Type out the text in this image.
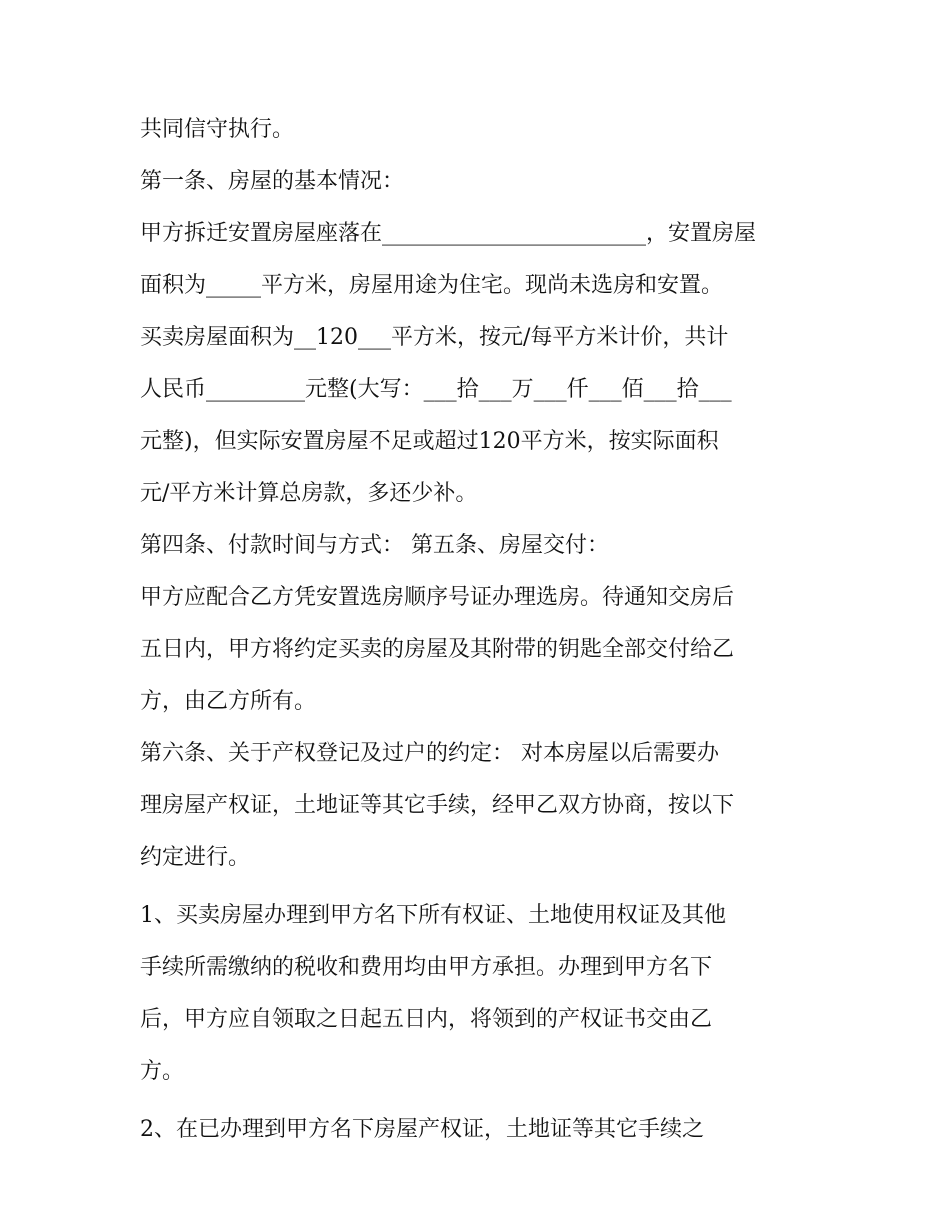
共同信守执行。
第一条、房屋的基本情况：
甲方拆迁安置房屋座落在________________________，安置房屋
面积为_____平方米，房屋用途为住宅。现尚未选房和安置。
买卖房屋面积为__120___平方米，按元/每平方米计价，共计
人民币_________元整(大写：___拾___万___仟___佰___拾___
元整)，但实际安置房屋不足或超过120平方米，按实际面积
元/平方米计算总房款，多还少补。
第四条、付款时间与方式： 第五条、房屋交付：
甲方应配合乙方凭安置选房顺序号证办理选房。待通知交房后
五日内，甲方将约定买卖的房屋及其附带的钥匙全部交付给乙
方，由乙方所有。
第六条、关于产权登记及过户的约定： 对本房屋以后需要办
理房屋产权证，土地证等其它手续，经甲乙双方协商，按以下
约定进行。
1、买卖房屋办理到甲方名下所有权证、土地使用权证及其他
手续所需缴纳的税收和费用均由甲方承担。办理到甲方名下
后，甲方应自领取之日起五日内，将领到的产权证书交由乙
方。
2、在已办理到甲方名下房屋产权证，土地证等其它手续之
